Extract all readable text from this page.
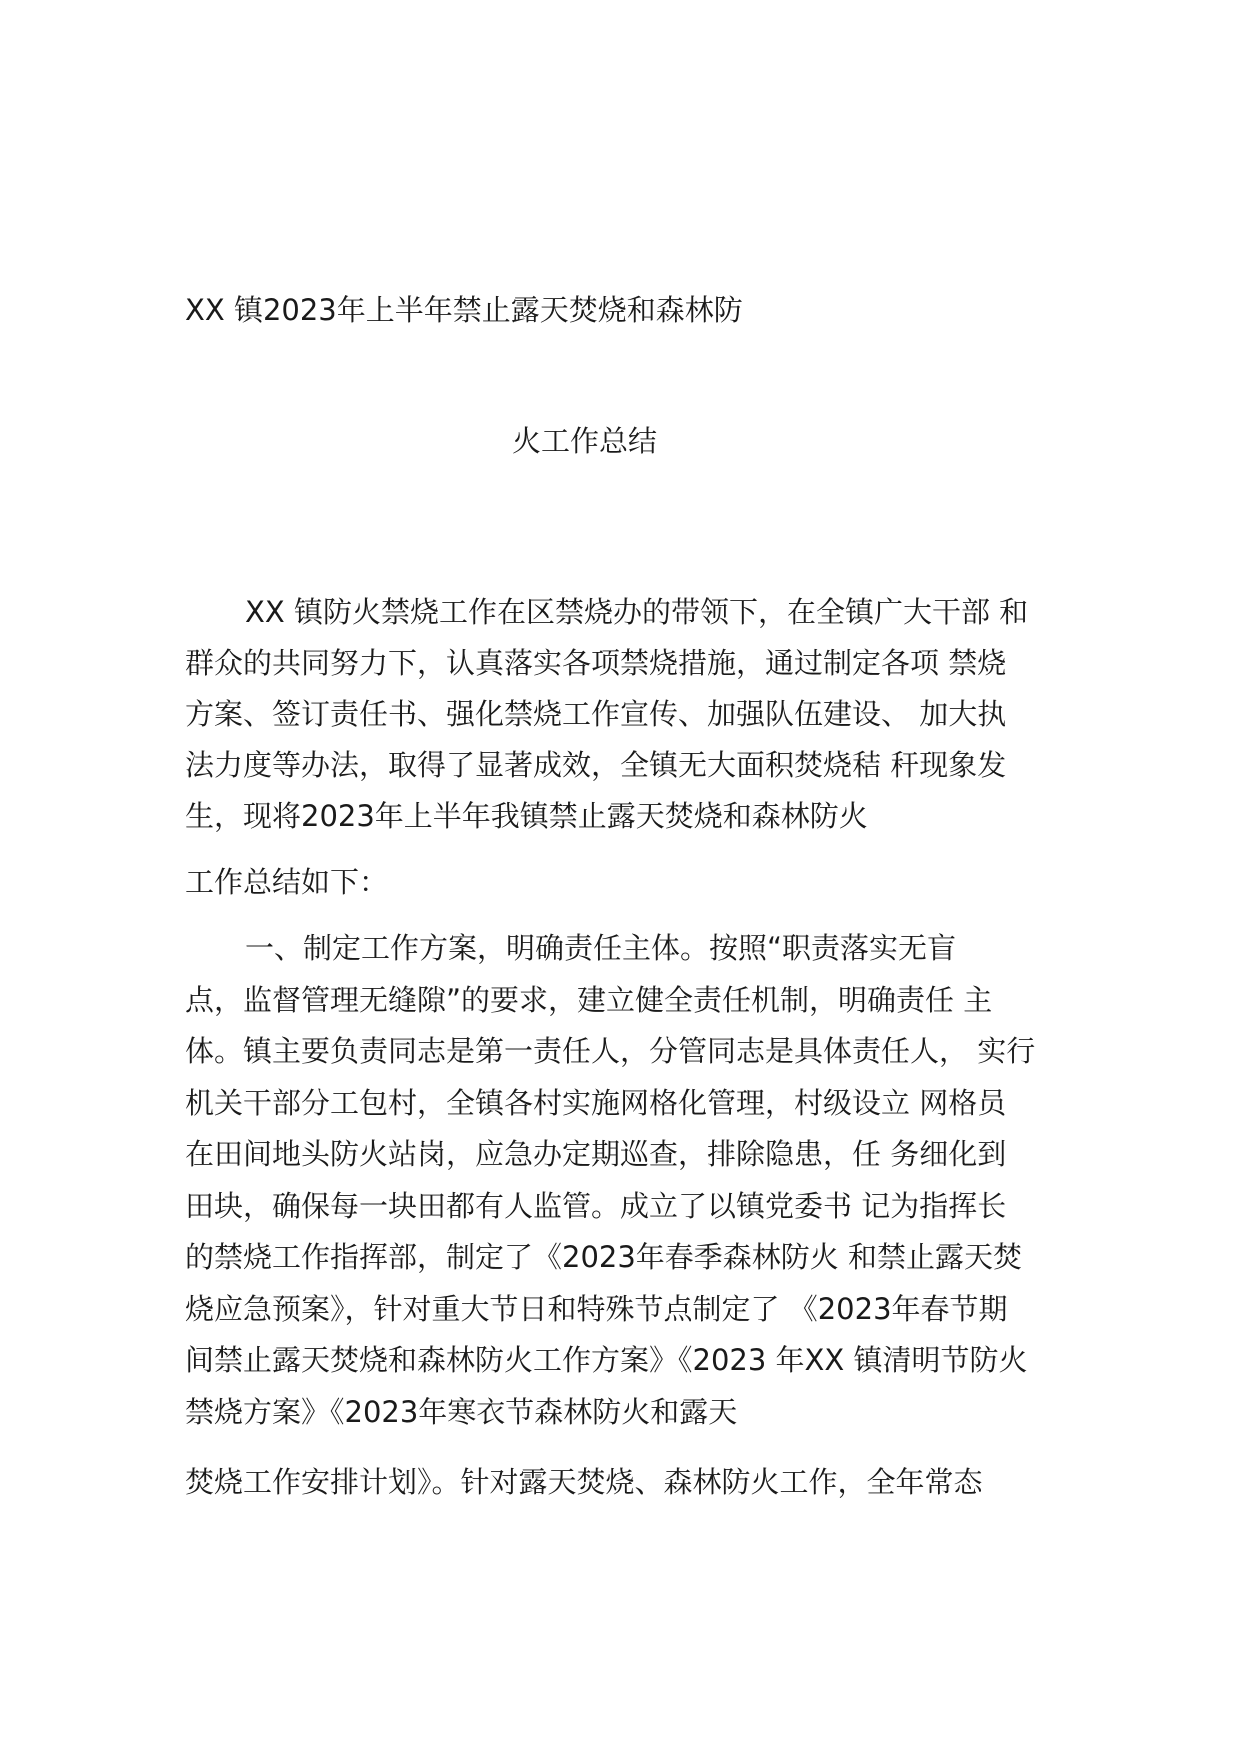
XX 镇2023年上半年禁止露天焚烧和森林防

火工作总结

XX 镇防火禁烧工作在区禁烧办的带领下，在全镇广大干部 和

群众的共同努力下，认真落实各项禁烧措施，通过制定各项 禁烧

方案、签订责任书、强化禁烧工作宣传、加强队伍建设、 加大执

法力度等办法，取得了显著成效，全镇无大面积焚烧秸 秆现象发

生，现将2023年上半年我镇禁止露天焚烧和森林防火

工作总结如下：

一、制定工作方案，明确责任主体。按照“职责落实无盲

点，监督管理无缝隙”的要求，建立健全责任机制，明确责任 主

体。镇主要负责同志是第一责任人，分管同志是具体责任人， 实行

机关干部分工包村，全镇各村实施网格化管理，村级设立 网格员

在田间地头防火站岗，应急办定期巡查，排除隐患，任 务细化到

田块，确保每一块田都有人监管。成立了以镇党委书 记为指挥长

的禁烧工作指挥部，制定了《2023年春季森林防火 和禁止露天焚

烧应急预案》，针对重大节日和特殊节点制定了 《2023年春节期

间禁止露天焚烧和森林防火工作方案》《2023 年XX 镇清明节防火

禁烧方案》《2023年寒衣节森林防火和露天

焚烧工作安排计划》。针对露天焚烧、森林防火工作，全年常态
